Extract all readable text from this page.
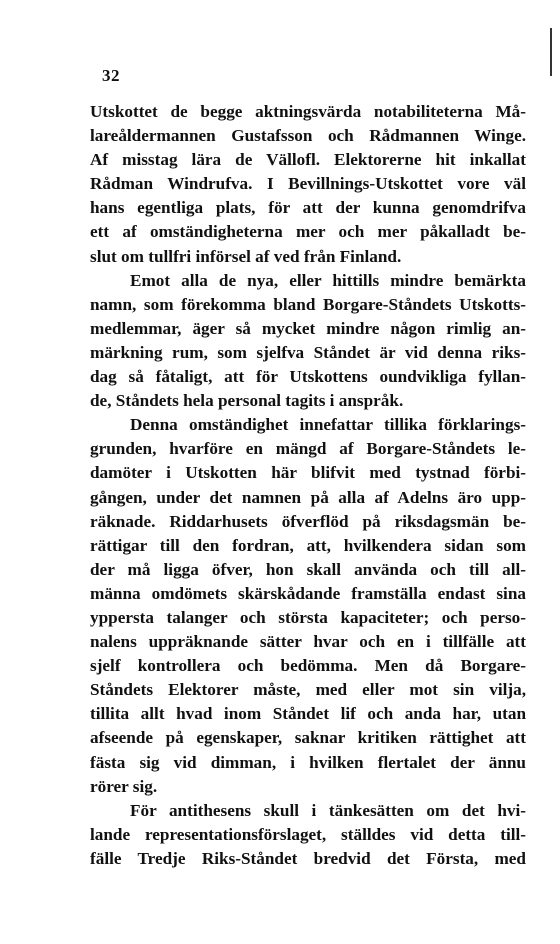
32

Utskottet de begge aktningsvärda notabiliteterna Må-
lareåldermannen Gustafsson och Rådmannen Winge.
Af misstag lära de Vällofl. Elektorerne hit inkallat
Rådman Windrufva. I Bevillnings-Utskottet vore väl
hans egentliga plats, för att der kunna genomdrifva
ett af omständigheterna mer och mer påkalladt be-
slut om tullfri införsel af ved från Finland.

Emot alla de nya, eller hittills mindre bemärkta
namn, som förekomma bland Borgare-Ståndets Utskotts-
medlemmar, äger så mycket mindre någon rimlig an-
märkning rum, som sjelfva Ståndet är vid denna riks-
dag så fåtaligt, att för Utskottens oundvikliga fyllan-
de, Ståndets hela personal tagits i anspråk.

Denna omständighet innefattar tillika förklarings-
grunden, hvarföre en mängd af Borgare-Ståndets le-
damöter i Utskotten här blifvit med tystnad förbi-
gången, under det namnen på alla af Adelns äro upp-
räknade. Riddarhusets öfverflöd på riksdagsmän be-
rättigar till den fordran, att, hvilkendera sidan som
der må ligga öfver, hon skall använda och till all-
männa omdömets skärskådande framställa endast sina
yppersta talanger och största kapaciteter; och perso-
nalens uppräknande sätter hvar och en i tillfälle att
sjelf kontrollera och bedömma. Men då Borgare-
Ståndets Elektorer måste, med eller mot sin vilja,
tillita allt hvad inom Ståndet lif och anda har, utan
afseende på egenskaper, saknar kritiken rättighet att
fästa sig vid dimman, i hvilken flertalet der ännu
rörer sig.

För antithesens skull i tänkesätten om det hvi-
lande representationsförslaget, ställdes vid detta till-
fälle Tredje Riks-Ståndet bredvid det Första, med
